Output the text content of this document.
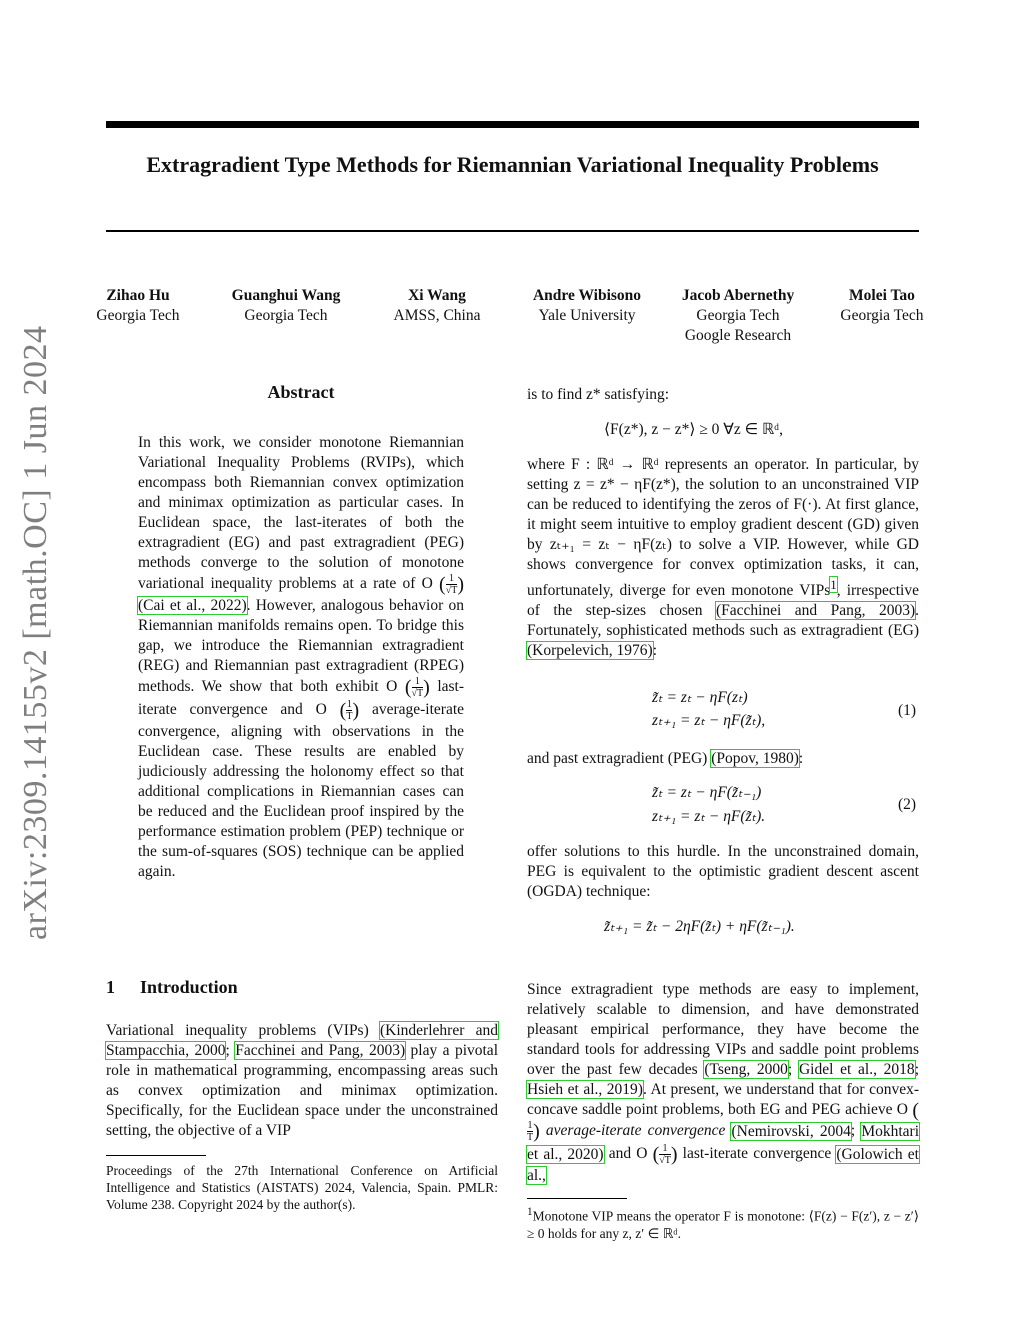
Extragradient Type Methods for Riemannian Variational Inequality Problems
arXiv:2309.14155v2 [math.OC] 1 Jun 2024
Zihao Hu
Georgia Tech
Guanghui Wang
Georgia Tech
Xi Wang
AMSS, China
Andre Wibisono
Yale University
Jacob Abernethy
Georgia Tech
Google Research
Molei Tao
Georgia Tech
Abstract
In this work, we consider monotone Riemannian Variational Inequality Problems (RVIPs), which encompass both Riemannian convex optimization and minimax optimization as particular cases. In Euclidean space, the last-iterates of both the extragradient (EG) and past extragradient (PEG) methods converge to the solution of monotone variational inequality problems at a rate of O ( $\frac{1}{√T}$ ) (Cai et al., 2022). However, analogous behavior on Riemannian manifolds remains open. To bridge this gap, we introduce the Riemannian extragradient (REG) and Riemannian past extragradient (RPEG) methods. We show that both exhibit O ( $\frac{1}{√T}$ ) last-iterate convergence and O ( $\frac{1}{T}$ ) average-iterate convergence, aligning with observations in the Euclidean case. These results are enabled by judiciously addressing the holonomy effect so that additional complications in Riemannian cases can be reduced and the Euclidean proof inspired by the performance estimation problem (PEP) technique or the sum-of-squares (SOS) technique can be applied again.
1 Introduction
Variational inequality problems (VIPs) (Kinderlehrer and Stampacchia, 2000; Facchinei and Pang, 2003) play a pivotal role in mathematical programming, encompassing areas such as convex optimization and minimax optimization. Specifically, for the Euclidean space under the unconstrained setting, the objective of a VIP
Proceedings of the 27th International Conference on Artificial Intelligence and Statistics (AISTATS) 2024, Valencia, Spain. PMLR: Volume 238. Copyright 2024 by the author(s).
is to find z* satisfying:
⟨F(z*), z − z*⟩ ≥ 0 ∀z ∈ ℝᵈ,
where F : ℝᵈ → ℝᵈ represents an operator. In particular, by setting z = z* − ηF(z*), the solution to an unconstrained VIP can be reduced to identifying the zeros of F(·). At first glance, it might seem intuitive to employ gradient descent (GD) given by zₜ₊₁ = zₜ − ηF(zₜ) to solve a VIP. However, while GD shows convergence for convex optimization tasks, it can, unfortunately, diverge for even monotone VIPs$^1$, irrespective of the step-sizes chosen (Facchinei and Pang, 2003). Fortunately, sophisticated methods such as extragradient (EG) (Korpelevich, 1976):
z̃ₜ = zₜ − ηF(zₜ)
zₜ₊₁ = zₜ − ηF(z̃ₜ),
(1)
and past extragradient (PEG) (Popov, 1980):
z̃ₜ = zₜ − ηF(z̃ₜ₋₁)
zₜ₊₁ = zₜ − ηF(z̃ₜ).
(2)
offer solutions to this hurdle. In the unconstrained domain, PEG is equivalent to the optimistic gradient descent ascent (OGDA) technique:
z̃ₜ₊₁ = z̃ₜ − 2ηF(z̃ₜ) + ηF(z̃ₜ₋₁).
Since extragradient type methods are easy to implement, relatively scalable to dimension, and have demonstrated pleasant empirical performance, they have become the standard tools for addressing VIPs and saddle point problems over the past few decades (Tseng, 2000; Gidel et al., 2018; Hsieh et al., 2019). At present, we understand that for convex-concave saddle point problems, both EG and PEG achieve O (
$\frac{1}{T}$ ) average-iterate convergence (Nemirovski, 2004; Mokhtari et al., 2020) and O ( $\frac{1}{√T}$ ) last-iterate convergence (Golowich et al.,
$^1$Monotone VIP means the operator F is monotone: ⟨F(z) − F(z′), z − z′⟩ ≥ 0 holds for any z, z′ ∈ ℝᵈ.
